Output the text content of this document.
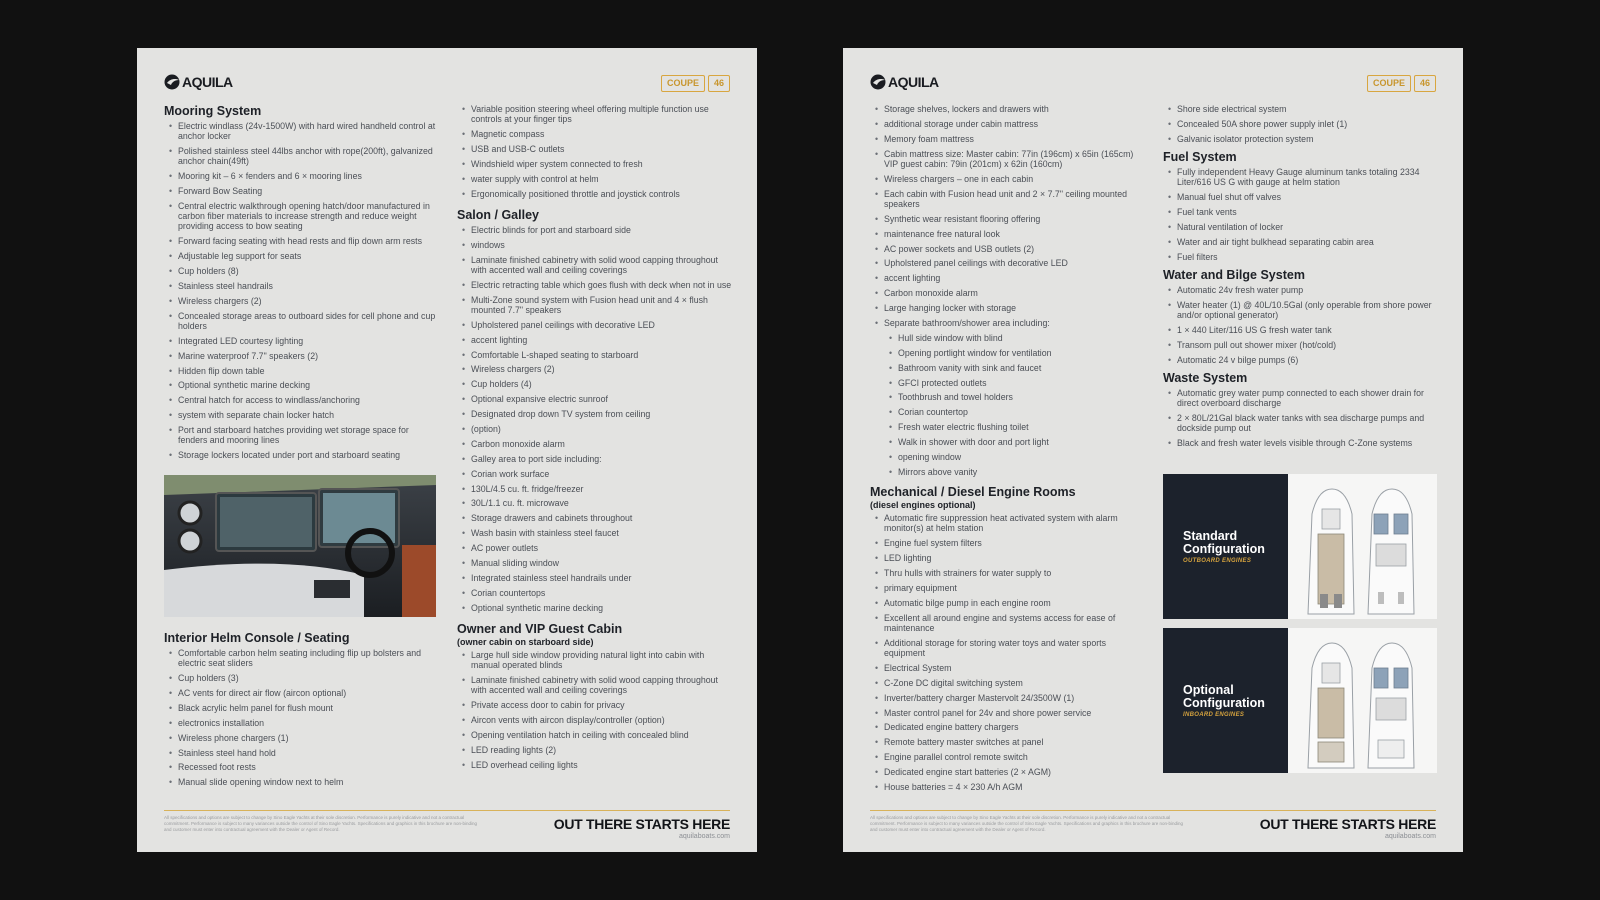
AQUILA	COUPE	46
Mooring System
• Electric windlass (24v-1500W) with hard wired handheld control at anchor locker
• Polished stainless steel 44lbs anchor with rope(200ft), galvanized anchor chain(49ft)
• Mooring kit – 6 × fenders and 6 × mooring lines
• Forward Bow Seating
• Central electric walkthrough opening hatch/door manufactured in carbon fiber materials to increase strength and reduce weight providing access to bow seating
• Forward facing seating with head rests and flip down arm rests
• Adjustable leg support for seats
• Cup holders (8)
• Stainless steel handrails
• Wireless chargers (2)
• Concealed storage areas to outboard sides for cell phone and cup holders
• Integrated LED courtesy lighting
• Marine waterproof 7.7" speakers (2)
• Hidden flip down table
• Optional synthetic marine decking
• Central hatch for access to windlass/anchoring
• system with separate chain locker hatch
• Port and starboard hatches providing wet storage space for fenders and mooring lines
• Storage lockers located under port and starboard seating
Interior Helm Console / Seating
• Comfortable carbon helm seating including flip up bolsters and electric seat sliders
• Cup holders (3)
• AC vents for direct air flow (aircon optional)
• Black acrylic helm panel for flush mount
• electronics installation
• Wireless phone chargers (1)
• Stainless steel hand hold
• Recessed foot rests
• Manual slide opening window next to helm
• Variable position steering wheel offering multiple function use controls at your finger tips
• Magnetic compass
• USB and USB-C outlets
• Windshield wiper system connected to fresh
• water supply with control at helm
• Ergonomically positioned throttle and joystick controls
Salon / Galley
• Electric blinds for port and starboard side
• windows
• Laminate finished cabinetry with solid wood capping throughout with accented wall and ceiling coverings
• Electric retracting table which goes flush with deck when not in use
• Multi-Zone sound system with Fusion head unit and 4 × flush mounted 7.7" speakers
• Upholstered panel ceilings with decorative LED
• accent lighting
• Comfortable L-shaped seating to starboard
• Wireless chargers (2)
• Cup holders (4)
• Optional expansive electric sunroof
• Designated drop down TV system from ceiling
• (option)
• Carbon monoxide alarm
• Galley area to port side including:
• Corian work surface
• 130L/4.5 cu. ft. fridge/freezer
• 30L/1.1 cu. ft. microwave
• Storage drawers and cabinets throughout
• Wash basin with stainless steel faucet
• AC power outlets
• Manual sliding window
• Integrated stainless steel handrails under
• Corian countertops
• Optional synthetic marine decking
Owner and VIP Guest Cabin
(owner cabin on starboard side)
• Large hull side window providing natural light into cabin with manual operated blinds
• Laminate finished cabinetry with solid wood capping throughout with accented wall and ceiling coverings
• Private access door to cabin for privacy
• Aircon vents with aircon display/controller (option)
• Opening ventilation hatch in ceiling with concealed blind
• LED reading lights (2)
• LED overhead ceiling lights
All specifications and options are subject to change by Sino Eagle Yachts at their sole discretion. Performance is purely indicative and not a contractual commitment. Performance is subject to many variances outside the control of Sino Eagle Yachts. Specifications and graphics in this brochure are non-binding and customer must enter into contractual agreement with the Dealer or Agent of Record.	OUT THERE STARTS HERE
aquilaboats.com
AQUILA	COUPE	46
• Storage shelves, lockers and drawers with
• additional storage under cabin mattress
• Memory foam mattress
• Cabin mattress size: Master cabin: 77in (196cm) x 65in (165cm) VIP guest cabin: 79in (201cm) x 62in (160cm)
• Wireless chargers – one in each cabin
• Each cabin with Fusion head unit and 2 × 7.7" ceiling mounted speakers
• Synthetic wear resistant flooring offering
• maintenance free natural look
• AC power sockets and USB outlets (2)
• Upholstered panel ceilings with decorative LED
• accent lighting
• Carbon monoxide alarm
• Large hanging locker with storage
• Separate bathroom/shower area including:
• Hull side window with blind
• Opening portlight window for ventilation
• Bathroom vanity with sink and faucet
• GFCI protected outlets
• Toothbrush and towel holders
• Corian countertop
• Fresh water electric flushing toilet
• Walk in shower with door and port light
• opening window
• Mirrors above vanity
Mechanical / Diesel Engine Rooms
(diesel engines optional)
• Automatic fire suppression heat activated system with alarm monitor(s) at helm station
• Engine fuel system filters
• LED lighting
• Thru hulls with strainers for water supply to
• primary equipment
• Automatic bilge pump in each engine room
• Excellent all around engine and systems access for ease of maintenance
• Additional storage for storing water toys and water sports equipment
• Electrical System
• C-Zone DC digital switching system
• Inverter/battery charger Mastervolt 24/3500W (1)
• Master control panel for 24v and shore power service
• Dedicated engine battery chargers
• Remote battery master switches at panel
• Engine parallel control remote switch
• Dedicated engine start batteries (2 × AGM)
• House batteries = 4 × 230 A/h AGM
• Shore side electrical system
• Concealed 50A shore power supply inlet (1)
• Galvanic isolator protection system
Fuel System
• Fully independent Heavy Gauge aluminum tanks totaling 2334 Liter/616 US G with gauge at helm station
• Manual fuel shut off valves
• Fuel tank vents
• Natural ventilation of locker
• Water and air tight bulkhead separating cabin area
• Fuel filters
Water and Bilge System
• Automatic 24v fresh water pump
• Water heater (1) @ 40L/10.5Gal (only operable from shore power and/or optional generator)
• 1 × 440 Liter/116 US G fresh water tank
• Transom pull out shower mixer (hot/cold)
• Automatic 24 v bilge pumps (6)
Waste System
• Automatic grey water pump connected to each shower drain for direct overboard discharge
• 2 × 80L/21Gal black water tanks with sea discharge pumps and dockside pump out
• Black and fresh water levels visible through C-Zone systems
Standard
Configuration
OUTBOARD ENGINES
Optional
Configuration
INBOARD ENGINES
All specifications and options are subject to change by Sino Eagle Yachts at their sole discretion. Performance is purely indicative and not a contractual commitment. Performance is subject to many variances outside the control of Sino Eagle Yachts. Specifications and graphics in this brochure are non-binding and customer must enter into contractual agreement with the Dealer or Agent of Record.	OUT THERE STARTS HERE
aquilaboats.com
